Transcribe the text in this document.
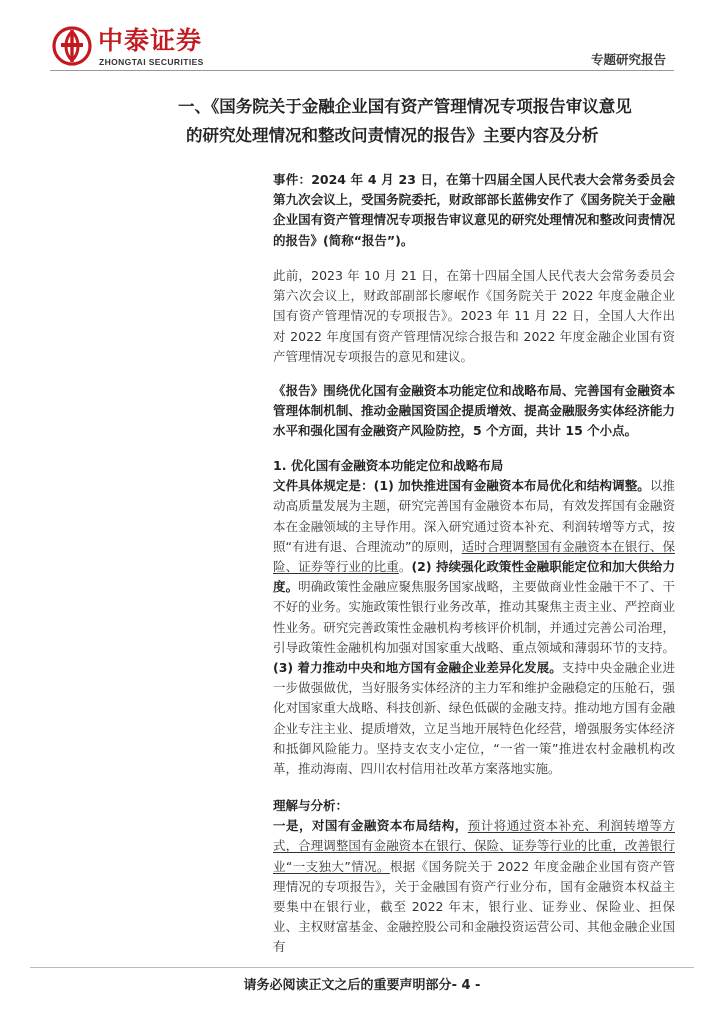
中泰证券
ZHONGTAI SECURITIES	专题研究报告
一、《国务院关于金融企业国有资产管理情况专项报告审议意见
的研究处理情况和整改问责情况的报告》主要内容及分析

事件：2024 年 4 月 23 日，在第十四届全国人民代表大会常务委员会第九次会议上，受国务院委托，财政部部长蓝佛安作了《国务院关于金融企业国有资产管理情况专项报告审议意见的研究处理情况和整改问责情况的报告》(简称“报告”)。

此前，2023 年 10 月 21 日，在第十四届全国人民代表大会常务委员会第六次会议上，财政部副部长廖岷作《国务院关于 2022 年度金融企业国有资产管理情况的专项报告》。2023 年 11 月 22 日，全国人大作出对 2022 年度国有资产管理情况综合报告和 2022 年度金融企业国有资产管理情况专项报告的意见和建议。

《报告》围绕优化国有金融资本功能定位和战略布局、完善国有金融资本管理体制机制、推动金融国资国企提质增效、提高金融服务实体经济能力水平和强化国有金融资产风险防控，5 个方面，共计 15 个小点。

1. 优化国有金融资本功能定位和战略布局

文件具体规定是：(1) 加快推进国有金融资本布局优化和结构调整。以推动高质量发展为主题，研究完善国有金融资本布局，有效发挥国有金融资本在金融领域的主导作用。深入研究通过资本补充、利润转增等方式，按照“有进有退、合理流动”的原则，适时合理调整国有金融资本在银行、保险、证券等行业的比重。(2) 持续强化政策性金融职能定位和加大供给力度。明确政策性金融应聚焦服务国家战略，主要做商业性金融干不了、干不好的业务。实施政策性银行业务改革，推动其聚焦主责主业、严控商业性业务。研究完善政策性金融机构考核评价机制，并通过完善公司治理，引导政策性金融机构加强对国家重大战略、重点领域和薄弱环节的支持。(3) 着力推动中央和地方国有金融企业差异化发展。支持中央金融企业进一步做强做优，当好服务实体经济的主力军和维护金融稳定的压舱石，强化对国家重大战略、科技创新、绿色低碳的金融支持。推动地方国有金融企业专注主业、提质增效，立足当地开展特色化经营，增强服务实体经济和抵御风险能力。坚持支农支小定位，“一省一策”推进农村金融机构改革，推动海南、四川农村信用社改革方案落地实施。

理解与分析：

一是，对国有金融资本布局结构，预计将通过资本补充、利润转增等方式，合理调整国有金融资本在银行、保险、证券等行业的比重，改善银行业“一支独大”情况。根据《国务院关于 2022 年度金融企业国有资产管理情况的专项报告》，关于金融国有资产行业分布，国有金融资本权益主要集中在银行业，截至 2022 年末，银行业、证券业、保险业、担保业、主权财富基金、金融控股公司和金融投资运营公司、其他金融企业国有

请务必阅读正文之后的重要声明部分- 4 -
